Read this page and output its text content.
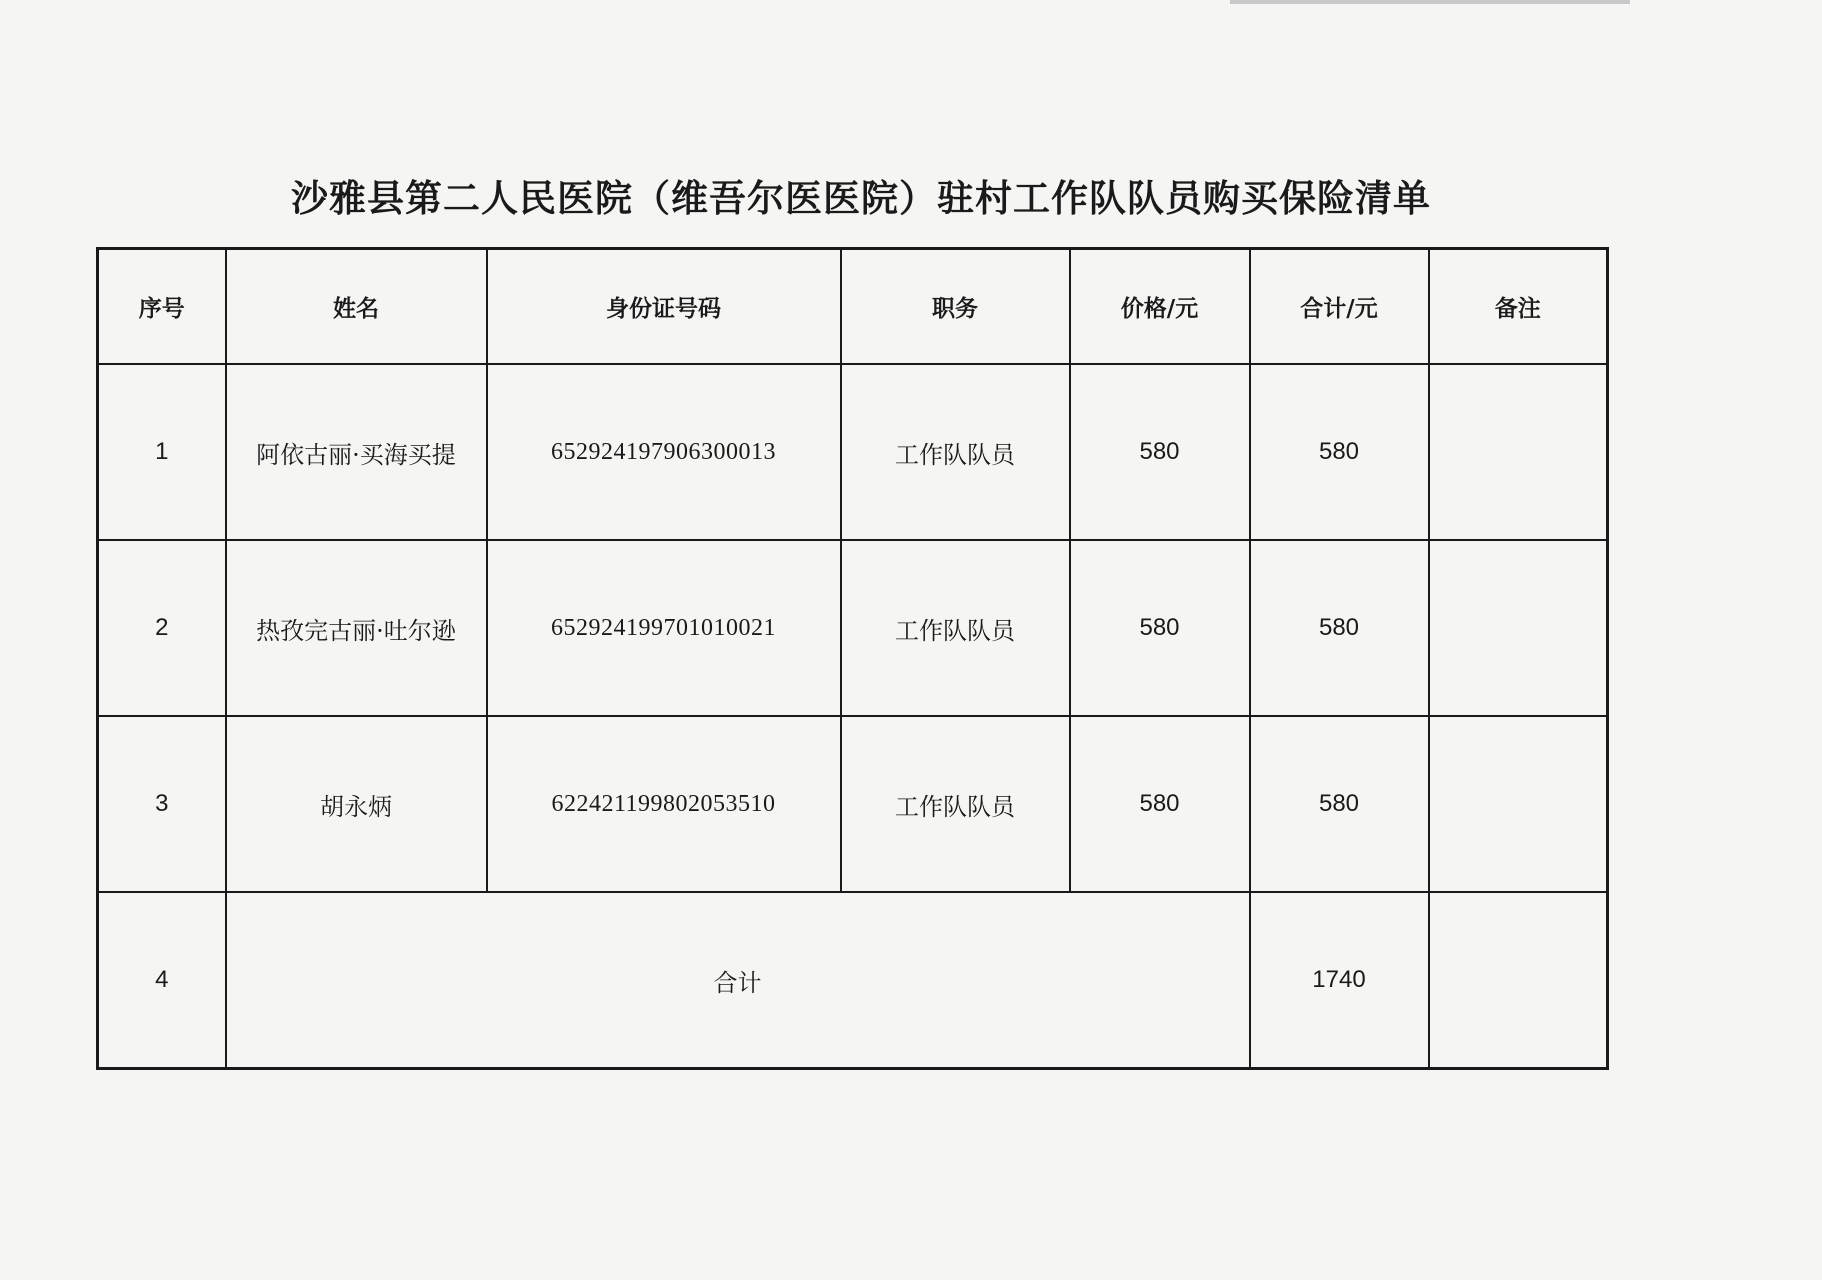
沙雅县第二人民医院（维吾尔医医院）驻村工作队队员购买保险清单
序号	姓名	身份证号码	职务	价格/元	合计/元	备注
1	阿依古丽·买海买提	652924197906300013	工作队队员	580	580	
2	热孜完古丽·吐尔逊	652924199701010021	工作队队员	580	580	
3	胡永炳	622421199802053510	工作队队员	580	580	
4	合计				1740	
